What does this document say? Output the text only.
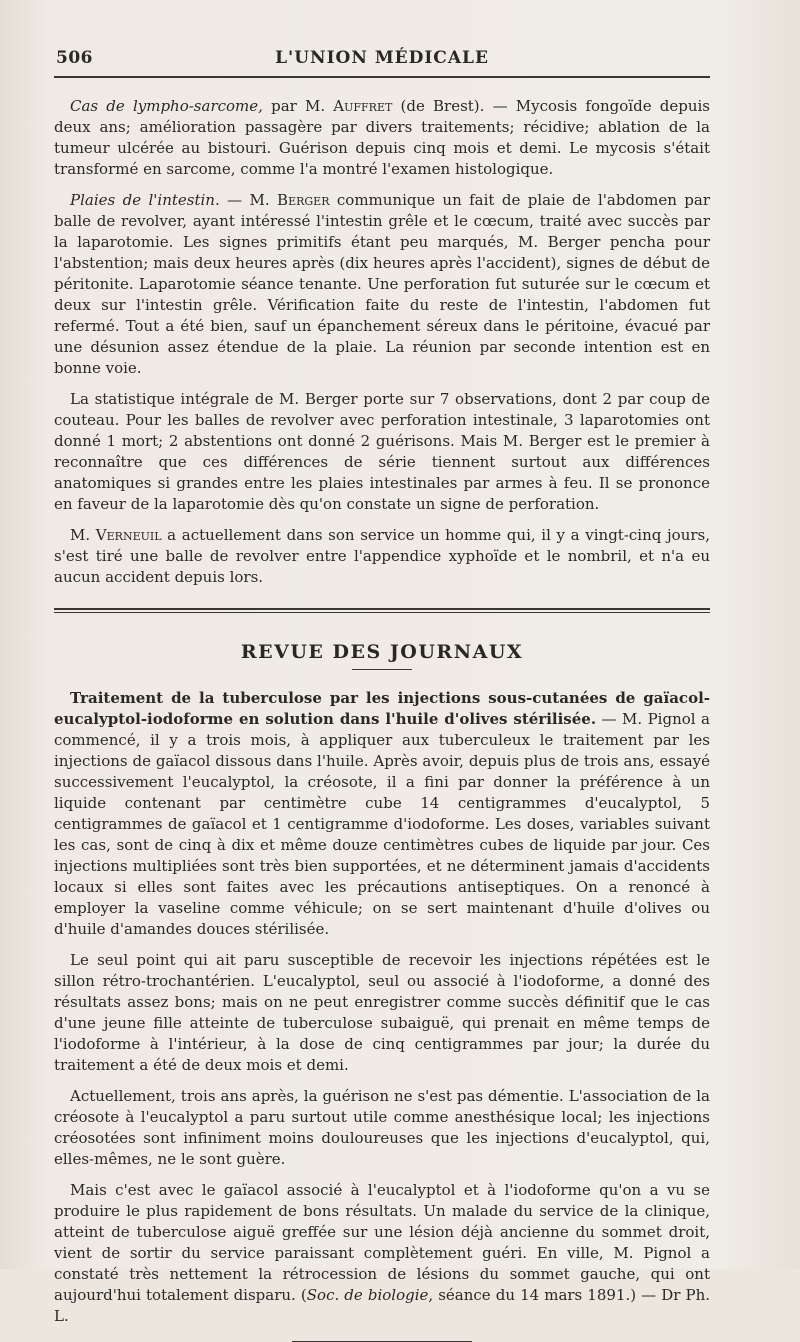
506	L'UNION MÉDICALE

Cas de lympho-sarcome, par M. Auffret (de Brest). — Mycosis fongoïde depuis deux ans; amélioration passagère par divers traitements; récidive; ablation de la tumeur ulcérée au bistouri. Guérison depuis cinq mois et demi. Le mycosis s'était transformé en sarcome, comme l'a montré l'examen histologique.

Plaies de l'intestin. — M. Berger communique un fait de plaie de l'abdomen par balle de revolver, ayant intéressé l'intestin grêle et le cœcum, traité avec succès par la laparotomie. Les signes primitifs étant peu marqués, M. Berger pencha pour l'abstention; mais deux heures après (dix heures après l'accident), signes de début de péritonite. Laparotomie séance tenante. Une perforation fut suturée sur le cœcum et deux sur l'intestin grêle. Vérification faite du reste de l'intestin, l'abdomen fut refermé. Tout a été bien, sauf un épanchement séreux dans le péritoine, évacué par une désunion assez étendue de la plaie. La réunion par seconde intention est en bonne voie.

La statistique intégrale de M. Berger porte sur 7 observations, dont 2 par coup de couteau. Pour les balles de revolver avec perforation intestinale, 3 laparotomies ont donné 1 mort; 2 abstentions ont donné 2 guérisons. Mais M. Berger est le premier à reconnaître que ces différences de série tiennent surtout aux différences anatomiques si grandes entre les plaies intestinales par armes à feu. Il se prononce en faveur de la laparotomie dès qu'on constate un signe de perforation.

M. Verneuil a actuellement dans son service un homme qui, il y a vingt-cinq jours, s'est tiré une balle de revolver entre l'appendice xyphoïde et le nombril, et n'a eu aucun accident depuis lors.

REVUE DES JOURNAUX

Traitement de la tuberculose par les injections sous-cutanées de gaïacol-eucalyptol-iodoforme en solution dans l'huile d'olives stérilisée. — M. Pignol a commencé, il y a trois mois, à appliquer aux tuberculeux le traitement par les injections de gaïacol dissous dans l'huile. Après avoir, depuis plus de trois ans, essayé successivement l'eucalyptol, la créosote, il a fini par donner la préférence à un liquide contenant par centimètre cube 14 centigrammes d'eucalyptol, 5 centigrammes de gaïacol et 1 centigramme d'iodoforme. Les doses, variables suivant les cas, sont de cinq à dix et même douze centimètres cubes de liquide par jour. Ces injections multipliées sont très bien supportées, et ne déterminent jamais d'accidents locaux si elles sont faites avec les précautions antiseptiques. On a renoncé à employer la vaseline comme véhicule; on se sert maintenant d'huile d'olives ou d'huile d'amandes douces stérilisée.

Le seul point qui ait paru susceptible de recevoir les injections répétées est le sillon rétro-trochantérien. L'eucalyptol, seul ou associé à l'iodoforme, a donné des résultats assez bons; mais on ne peut enregistrer comme succès définitif que le cas d'une jeune fille atteinte de tuberculose subaiguë, qui prenait en même temps de l'iodoforme à l'intérieur, à la dose de cinq centigrammes par jour; la durée du traitement a été de deux mois et demi.

Actuellement, trois ans après, la guérison ne s'est pas démentie. L'association de la créosote à l'eucalyptol a paru surtout utile comme anesthésique local; les injections créosotées sont infiniment moins douloureuses que les injections d'eucalyptol, qui, elles-mêmes, ne le sont guère.

Mais c'est avec le gaïacol associé à l'eucalyptol et à l'iodoforme qu'on a vu se produire le plus rapidement de bons résultats. Un malade du service de la clinique, atteint de tuberculose aiguë greffée sur une lésion déjà ancienne du sommet droit, vient de sortir du service paraissant complètement guéri. En ville, M. Pignol a constaté très nettement la rétrocession de lésions du sommet gauche, qui ont aujourd'hui totalement disparu. (Soc. de biologie, séance du 14 mars 1891.) — Dr Ph. L.
